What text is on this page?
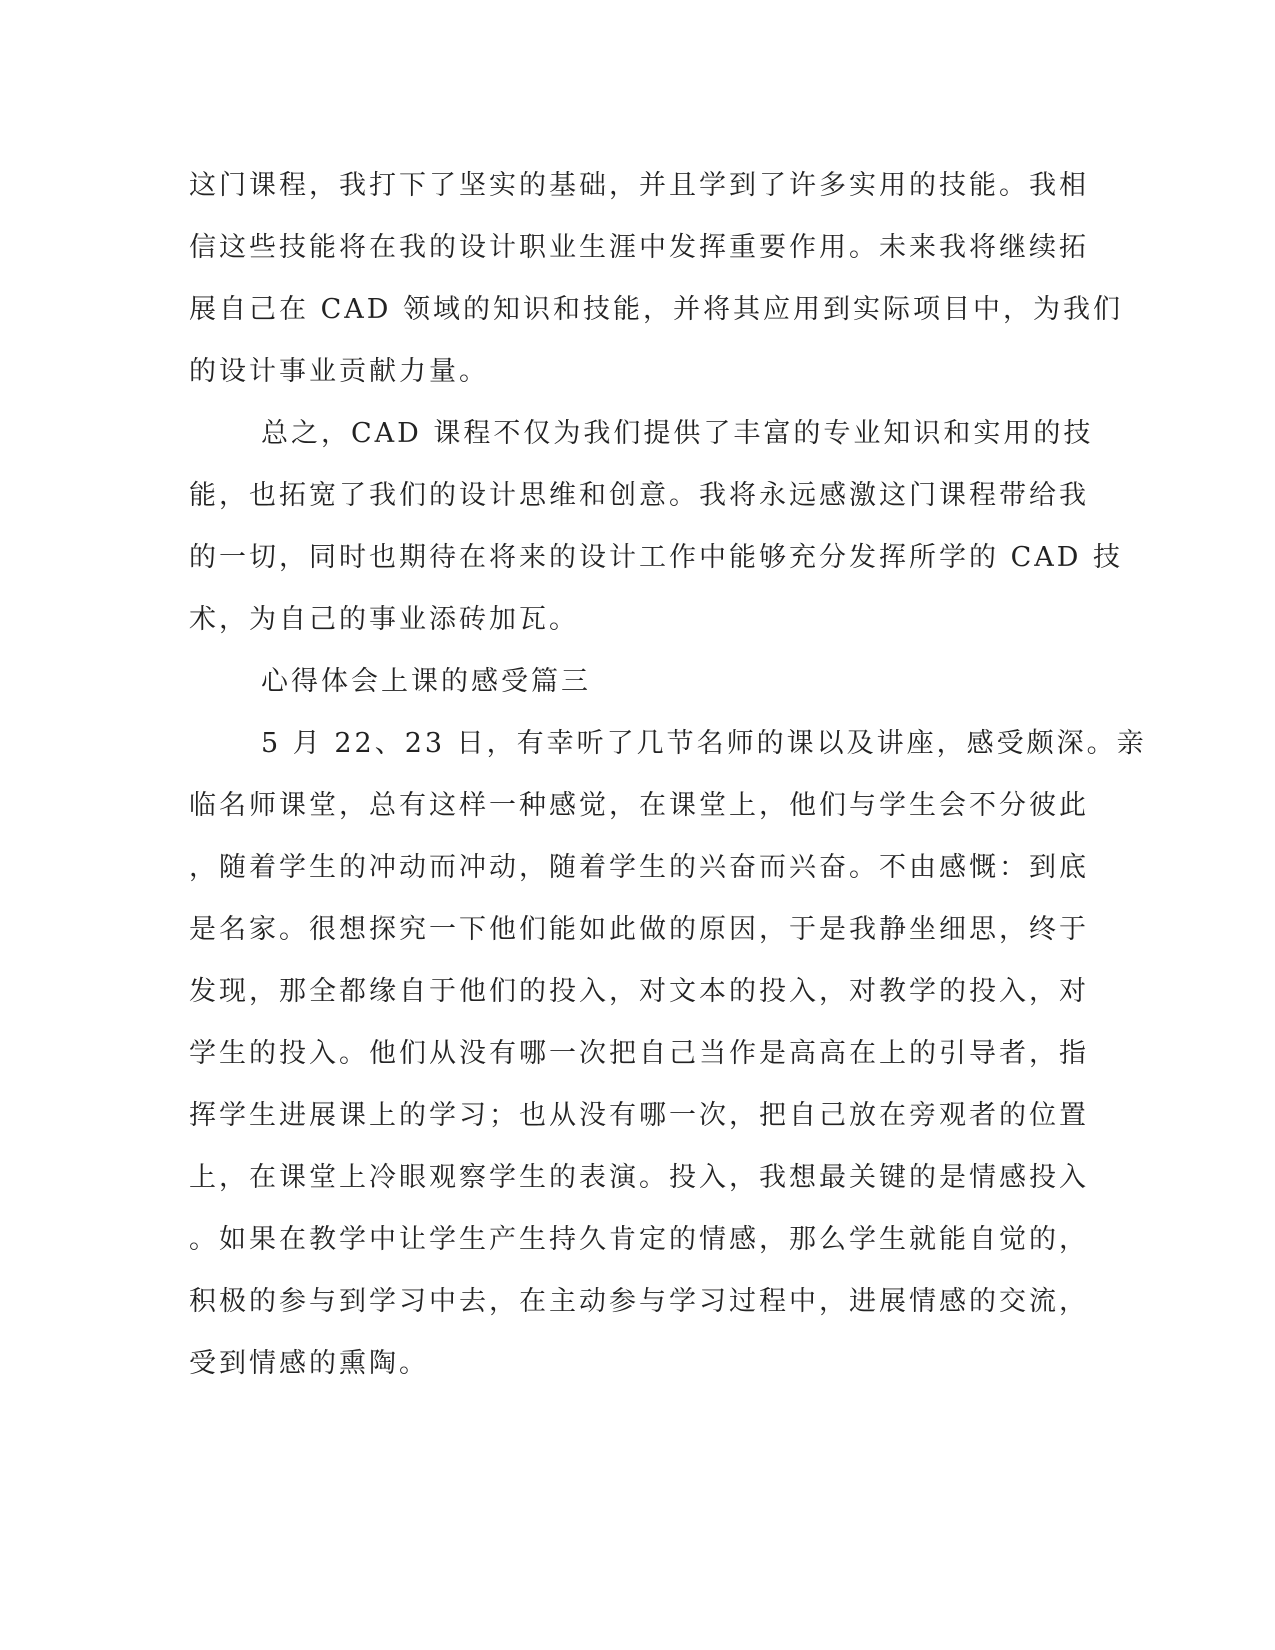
这门课程，我打下了坚实的基础，并且学到了许多实用的技能。我相

信这些技能将在我的设计职业生涯中发挥重要作用。未来我将继续拓

展自己在 CAD 领域的知识和技能，并将其应用到实际项目中，为我们

的设计事业贡献力量。

总之，CAD 课程不仅为我们提供了丰富的专业知识和实用的技

能，也拓宽了我们的设计思维和创意。我将永远感激这门课程带给我

的一切，同时也期待在将来的设计工作中能够充分发挥所学的 CAD 技

术，为自己的事业添砖加瓦。

心得体会上课的感受篇三

5 月 22、23 日，有幸听了几节名师的课以及讲座，感受颇深。亲

临名师课堂，总有这样一种感觉，在课堂上，他们与学生会不分彼此

，随着学生的冲动而冲动，随着学生的兴奋而兴奋。不由感慨：到底

是名家。很想探究一下他们能如此做的原因，于是我静坐细思，终于

发现，那全都缘自于他们的投入，对文本的投入，对教学的投入，对

学生的投入。他们从没有哪一次把自己当作是高高在上的引导者，指

挥学生进展课上的学习；也从没有哪一次，把自己放在旁观者的位置

上，在课堂上冷眼观察学生的表演。投入，我想最关键的是情感投入

。如果在教学中让学生产生持久肯定的情感，那么学生就能自觉的，

积极的参与到学习中去，在主动参与学习过程中，进展情感的交流，

受到情感的熏陶。
